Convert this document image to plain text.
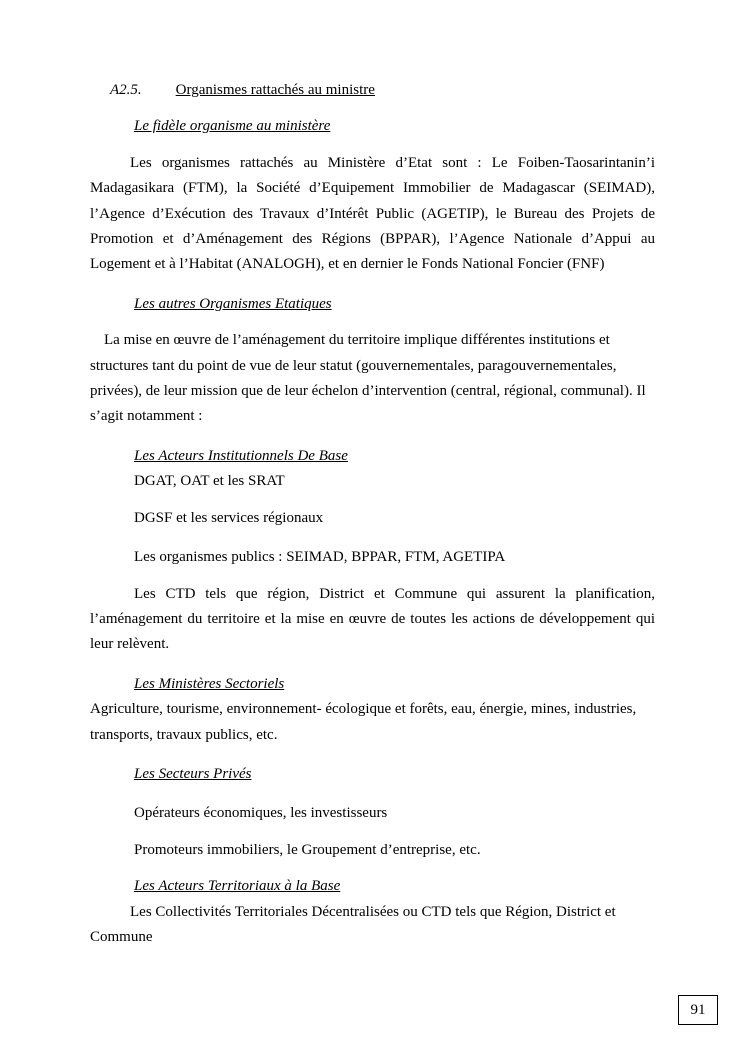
A2.5. Organismes rattachés au ministre
Le fidèle organisme au ministère
Les organismes rattachés au Ministère d’Etat sont : Le Foiben-Taosarintanin’i Madagasikara (FTM), la Société d’Equipement Immobilier de Madagascar (SEIMAD), l’Agence d’Exécution des Travaux d’Intérêt Public (AGETIP), le Bureau des Projets de Promotion et d’Aménagement des Régions (BPPAR), l’Agence Nationale d’Appui au Logement et à l’Habitat (ANALOGH), et en dernier le Fonds National Foncier (FNF)
Les autres Organismes Etatiques
La mise en œuvre de l’aménagement du territoire implique différentes institutions et structures tant du point de vue de leur statut (gouvernementales, paragouvernementales, privées), de leur mission que de leur échelon d’intervention (central, régional, communal). Il s’agit notamment :
Les Acteurs Institutionnels De Base
DGAT, OAT et les SRAT
DGSF et les services régionaux
Les organismes publics : SEIMAD, BPPAR, FTM, AGETIPA
Les CTD tels que région, District et Commune qui assurent la planification, l’aménagement du territoire et la mise en œuvre de toutes les actions de développement qui leur relèvent.
Les Ministères Sectoriels
Agriculture, tourisme, environnement- écologique et forêts, eau, énergie, mines, industries, transports, travaux publics, etc.
Les Secteurs Privés
Opérateurs économiques, les investisseurs
Promoteurs immobiliers, le Groupement d’entreprise, etc.
Les Acteurs Territoriaux à la Base
Les Collectivités Territoriales Décentralisées ou CTD tels que Région, District et Commune
91
